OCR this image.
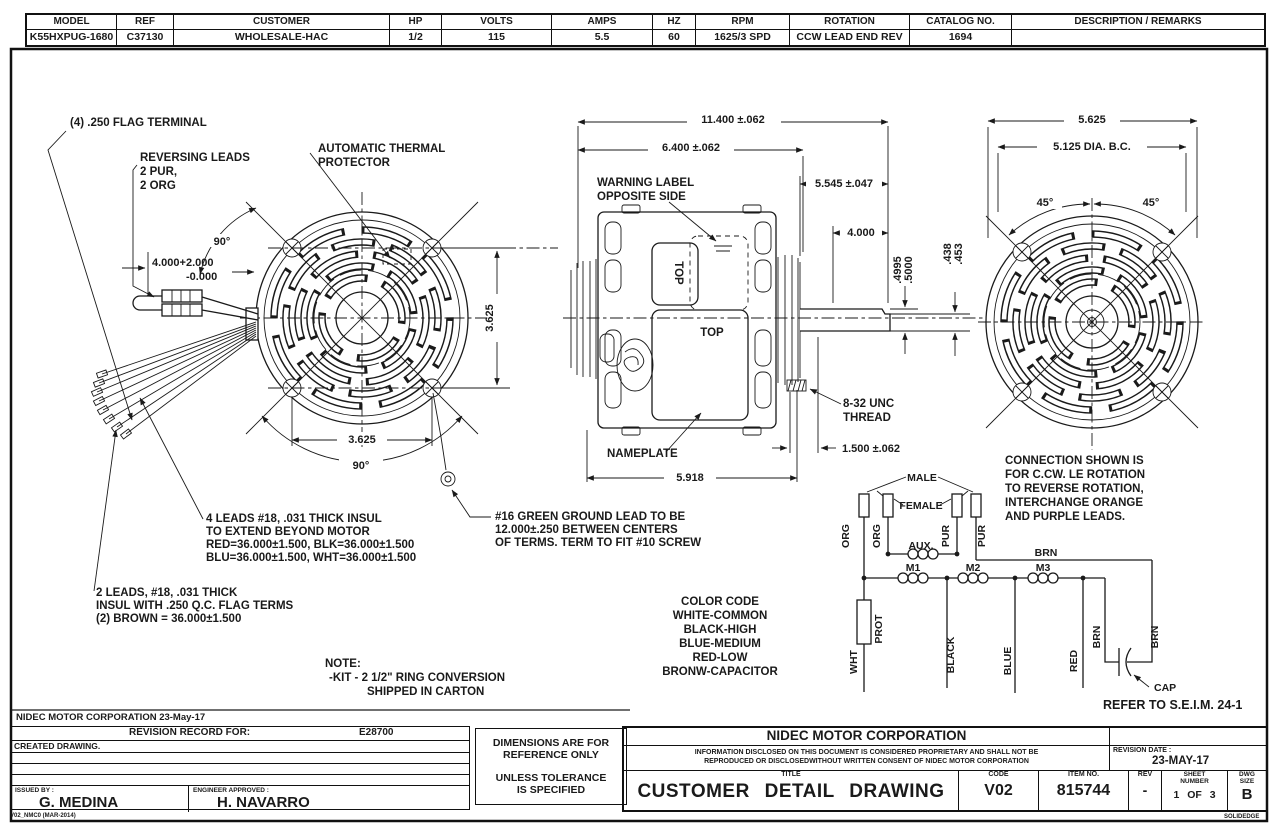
MODEL	REF	CUSTOMER	HP	VOLTS	AMPS	HZ	RPM	ROTATION	CATALOG NO.	DESCRIPTION / REMARKS
K55HXPUG-1680	C37130	WHOLESALE-HAC	1/2	115	5.5	60	1625/3 SPD	CCW LEAD END REV	1694
3.625
3.625
90°
90°
4.000+2.000
-0.000
(4) .250 FLAG TERMINAL
REVERSING LEADS
2 PUR,
2 ORG
AUTOMATIC THERMAL
PROTECTOR
4 LEADS #18, .031 THICK INSUL
TO EXTEND BEYOND MOTOR
RED=36.000±1.500, BLK=36.000±1.500
BLU=36.000±1.500, WHT=36.000±1.500
2 LEADS, #18, .031 THICK
INSUL WITH .250 Q.C. FLAG TERMS
(2) BROWN = 36.000±1.500
#16 GREEN GROUND LEAD TO BE
12.000±.250 BETWEEN CENTERS
OF TERMS. TERM TO FIT #10 SCREW
11.400 ±.062
6.400 ±.062
5.545 ±.047
4.000
.4995 .5000
.438 .453
1.500 ±.062
5.918
WARNING LABEL
OPPOSITE SIDE
TOP
TOP
NAMEPLATE
8-32 UNC
THREAD
5.625
5.125 DIA. B.C.
45°	45°
NOTE:
-KIT - 2 1/2" RING CONVERSION
SHIPPED IN CARTON
COLOR CODE
WHITE-COMMON
BLACK-HIGH
BLUE-MEDIUM
RED-LOW
BRONW-CAPACITOR
CONNECTION SHOWN IS
FOR C.CW. LE ROTATION
TO REVERSE ROTATION,
INTERCHANGE ORANGE
AND PURPLE LEADS.
REFER TO S.E.I.M. 24-1
MALE
FEMALE
AUX.
M1	M2	M3
BRN
ORG ORG	PUR PUR
WHT
PROT
BLACK	BLUE	RED
BRN	BRN
CAP
NIDEC MOTOR CORPORATION 23-May-17
REVISION RECORD FOR:	E28700
CREATED DRAWING.
ISSUED BY :
G. MEDINA
ENGINEER APPROVED :
H. NAVARRO
V02_NMC0 (MAR-2014)
DIMENSIONS ARE FOR
REFERENCE ONLY
UNLESS TOLERANCE
IS SPECIFIED
NIDEC MOTOR CORPORATION
INFORMATION DISCLOSED ON THIS DOCUMENT IS CONSIDERED PROPRIETARY AND SHALL NOT BE
REPRODUCED OR DISCLOSEDWITHOUT WRITTEN CONSENT OF NIDEC MOTOR CORPORATION
REVISION DATE :
23-MAY-17
TITLE
CUSTOMER DETAIL DRAWING
CODE
V02
ITEM NO.
815744
REV
-
SHEET
NUMBER
1 OF 3
DWG
SIZE
B
SOLIDEDGE
